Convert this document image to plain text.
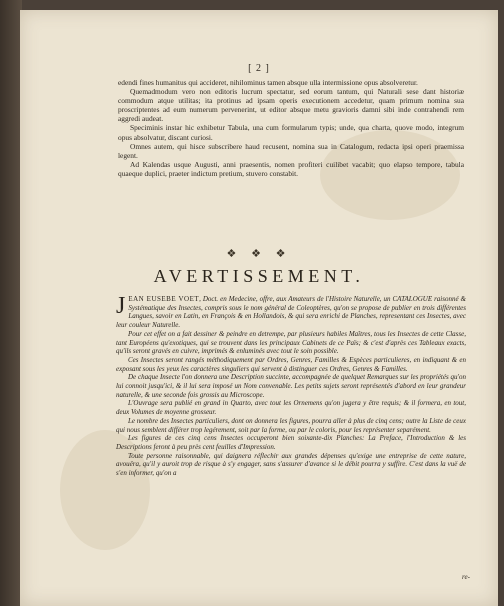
[ 2 ]

edendi fines humanitus qui accideret, nihilominus tamen absque ulla intermissione opus absolveretur.

Quemadmodum vero non editoris lucrum spectatur, sed eorum tantum, qui Naturali sese dant historiæ commodum atque utilitas; ita protinus ad ipsam operis executionem accedetur, quam primum nomina sua proscriptentes ad eum numerum pervenerint, ut editor absque metu gravioris damni sibi inde contrahendi rem aggredi audeat.

Speciminis instar hic exhibetur Tabula, una cum formularum typis; unde, qua charta, quove modo, integrum opus absolvatur, discant curiosi.

Omnes autem, qui hisce subscribere haud recusent, nomina sua in Catalogum, redacta ipsi operi praemissa legent.

Ad Kalendas usque Augusti, anni praesentis, nomen profiteri cuilibet vacabit; quo elapso tempore, tabula quaeque duplici, praeter indictum pretium, stuvero constabit.

❖ ❖ ❖
AVERTISSEMENT.

JEAN EUSEBE VOET, Doct. en Medecine, offre, aux Amateurs de l'Histoire Naturelle, un CATALOGUE raisonné & Systématique des Insectes, compris sous le nom général de Coleoptères, qu'on se propose de publier en trois différentes Langues, savoir en Latin, en François & en Hollandois, & qui sera enrichi de Planches, representant ces Insectes, avec leur couleur Naturelle.

Pour cet effet on a fait dessiner & peindre en detrempe, par plusieurs habiles Maîtres, tous les Insectes de cette Classe, tant Européens qu'exotiques, qui se trouvent dans les principaux Cabinets de ce Païs; & c'est d'après ces Tableaux exacts, qu'ils seront gravés en cuivre, imprimés & enluminés avec tout le soin possible.

Ces Insectes seront rangés méthodiquement par Ordres, Genres, Familles & Espèces particulieres, en indiquant & en exposant sous les yeux les caractères singuliers qui servent à distinguer ces Ordres, Genres & Familles.

De chaque Insecte l'on donnera une Description succinte, accompagnée de quelquet Remarques sur les propriétés qu'on lui connoit jusqu'ici, & il lui sera imposé un Nom convenable. Les petits sujets seront représentés d'abord en leur grandeur naturelle, & une seconde fois grossis au Microscope.

L'Ouvrage sera publié en grand in Quarto, avec tout les Ornemens qu'on jugera y être requis; & il formera, en tout, deux Volumes de moyenne grosseur.

Le nombre des Insectes particuliers, dont on donnera les figures, pourra aller à plus de cinq cens; outre la Liste de ceux qui nous semblent différer trop legérement, soit par la forme, ou par le coloris, pour les représenter separément.

Les figures de ces cinq cens Insectes occuperont bien soixante-dix Planches: La Preface, l'Introduction & les Descriptions feront à peu près cent feuilles d'Impression.

Toute personne raisonnable, qui daignera réflechir aux grandes dépenses qu'exige une entreprise de cette nature, avouëra, qu'il y auroit trop de risque à s'y engager, sans s'assurer d'avance si le débit pourra y suffire. C'est dans la vuë de s'en informer, qu'on a

re-
